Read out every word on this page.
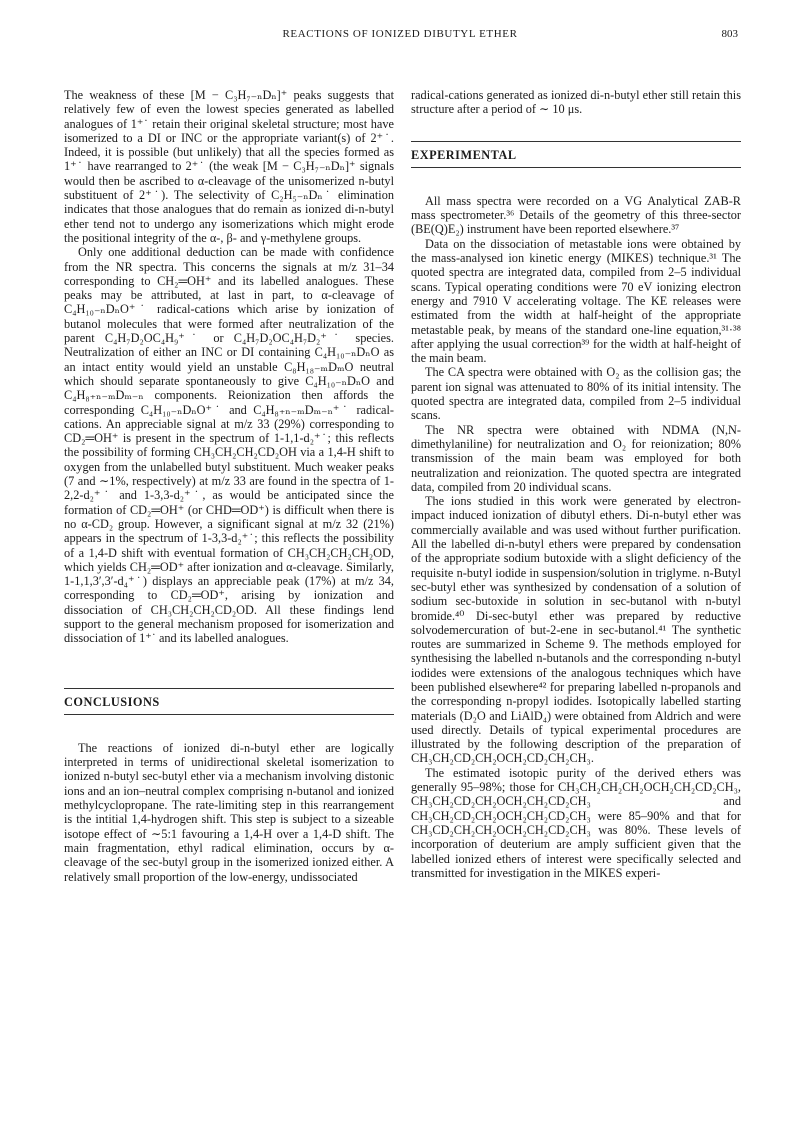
REACTIONS OF IONIZED DIBUTYL ETHER	803

The weakness of these [M − C₃H₇₋ₙDₙ]⁺ peaks suggests that relatively few of even the lowest species generated as labelled analogues of 1⁺˙ retain their original skeletal structure; most have isomerized to a DI or INC or the appropriate variant(s) of 2⁺˙. Indeed, it is possible (but unlikely) that all the species formed as 1⁺˙ have rearranged to 2⁺˙ (the weak [M − C₃H₇₋ₙDₙ]⁺ signals would then be ascribed to α-cleavage of the unisomerized n-butyl substituent of 2⁺˙). The selectivity of C₂H₅₋ₙDₙ˙ elimination indicates that those analogues that do remain as ionized di-n-butyl ether tend not to undergo any isomerizations which might erode the positional integrity of the α-, β- and γ-methylene groups.

Only one additional deduction can be made with confidence from the NR spectra. This concerns the signals at m/z 31–34 corresponding to CH₂═OH⁺ and its labelled analogues. These peaks may be attributed, at last in part, to α-cleavage of C₄H₁₀₋ₙDₙO⁺˙ radical-cations which arise by ionization of butanol molecules that were formed after neutralization of the parent C₄H₇D₂OC₄H₉⁺˙ or C₄H₇D₂OC₄H₇D₂⁺˙ species. Neutralization of either an INC or DI containing C₄H₁₀₋ₙDₙO as an intact entity would yield an unstable C₈H₁₈₋ₘDₘO neutral which should separate spontaneously to give C₄H₁₀₋ₙDₙO and C₄H₈₊ₙ₋ₘDₘ₋ₙ components. Reionization then affords the corresponding C₄H₁₀₋ₙDₙO⁺˙ and C₄H₈₊ₙ₋ₘDₘ₋ₙ⁺˙ radical-cations. An appreciable signal at m/z 33 (29%) corresponding to CD₂═OH⁺ is present in the spectrum of 1-1,1-d₂⁺˙; this reflects the possibility of forming CH₃CH₂CH₂CD₂OH via a 1,4-H shift to oxygen from the unlabelled butyl substituent. Much weaker peaks (7 and ∼1%, respectively) at m/z 33 are found in the spectra of 1-2,2-d₂⁺˙ and 1-3,3-d₂⁺˙, as would be anticipated since the formation of CD₂═OH⁺ (or CHD═OD⁺) is difficult when there is no α-CD₂ group. However, a significant signal at m/z 32 (21%) appears in the spectrum of 1-3,3-d₂⁺˙; this reflects the possibility of a 1,4-D shift with eventual formation of CH₃CH₂CH₂CH₂OD, which yields CH₂═OD⁺ after ionization and α-cleavage. Similarly, 1-1,1,3′,3′-d₄⁺˙) displays an appreciable peak (17%) at m/z 34, corresponding to CD₂═OD⁺, arising by ionization and dissociation of CH₃CH₂CH₂CD₂OD. All these findings lend support to the general mechanism proposed for isomerization and dissociation of 1⁺˙ and its labelled analogues.

CONCLUSIONS

The reactions of ionized di-n-butyl ether are logically interpreted in terms of unidirectional skeletal isomerization to ionized n-butyl sec-butyl ether via a mechanism involving distonic ions and an ion–neutral complex comprising n-butanol and ionized methylcyclopropane. The rate-limiting step in this rearrangement is the intitial 1,4-hydrogen shift. This step is subject to a sizeable isotope effect of ∼5:1 favouring a 1,4-H over a 1,4-D shift. The main fragmentation, ethyl radical elimination, occurs by α-cleavage of the sec-butyl group in the isomerized ionized either. A relatively small proportion of the low-energy, undissociated

radical-cations generated as ionized di-n-butyl ether still retain this structure after a period of ∼ 10 μs.

EXPERIMENTAL

All mass spectra were recorded on a VG Analytical ZAB-R mass spectrometer.³⁶ Details of the geometry of this three-sector (BE(Q)E₂) instrument have been reported elsewhere.³⁷

Data on the dissociation of metastable ions were obtained by the mass-analysed ion kinetic energy (MIKES) technique.³¹ The quoted spectra are integrated data, compiled from 2–5 individual scans. Typical operating conditions were 70 eV ionizing electron energy and 7910 V accelerating voltage. The KE releases were estimated from the width at half-height of the appropriate metastable peak, by means of the standard one-line equation,³¹·³⁸ after applying the usual correction³⁹ for the width at half-height of the main beam.

The CA spectra were obtained with O₂ as the collision gas; the parent ion signal was attenuated to 80% of its initial intensity. The quoted spectra are integrated data, compiled from 2–5 individual scans.

The NR spectra were obtained with NDMA (N,N-dimethylaniline) for neutralization and O₂ for reionization; 80% transmission of the main beam was employed for both neutralization and reionization. The quoted spectra are integrated data, compiled from 20 individual scans.

The ions studied in this work were generated by electron-impact induced ionization of dibutyl ethers. Di-n-butyl ether was commercially available and was used without further purification. All the labelled di-n-butyl ethers were prepared by condensation of the appropriate sodium butoxide with a slight deficiency of the requisite n-butyl iodide in suspension/solution in triglyme. n-Butyl sec-butyl ether was synthesized by condensation of a solution of sodium sec-butoxide in solution in sec-butanol with n-butyl bromide.⁴⁰ Di-sec-butyl ether was prepared by reductive solvodemercuration of but-2-ene in sec-butanol.⁴¹ The synthetic routes are summarized in Scheme 9. The methods employed for synthesising the labelled n-butanols and the corresponding n-butyl iodides were extensions of the analogous techniques which have been published elsewhere⁴² for preparing labelled n-propanols and the corresponding n-propyl iodides. Isotopically labelled starting materials (D₂O and LiAlD₄) were obtained from Aldrich and were used directly. Details of typical experimental procedures are illustrated by the following description of the preparation of CH₃CH₂CD₂CH₂OCH₂CD₂CH₂CH₃.

The estimated isotopic purity of the derived ethers was generally 95–98%; those for CH₃CH₂CH₂CH₂OCH₂CH₂CD₂CH₃, CH₃CH₂CD₂CH₂OCH₂CH₂CD₂CH₃ and CH₃CH₂CD₂CH₂OCH₂CH₂CD₂CH₃ were 85–90% and that for CH₃CD₂CH₂CH₂OCH₂CH₂CD₂CH₃ was 80%. These levels of incorporation of deuterium are amply sufficient given that the labelled ionized ethers of interest were specifically selected and transmitted for investigation in the MIKES experi-
